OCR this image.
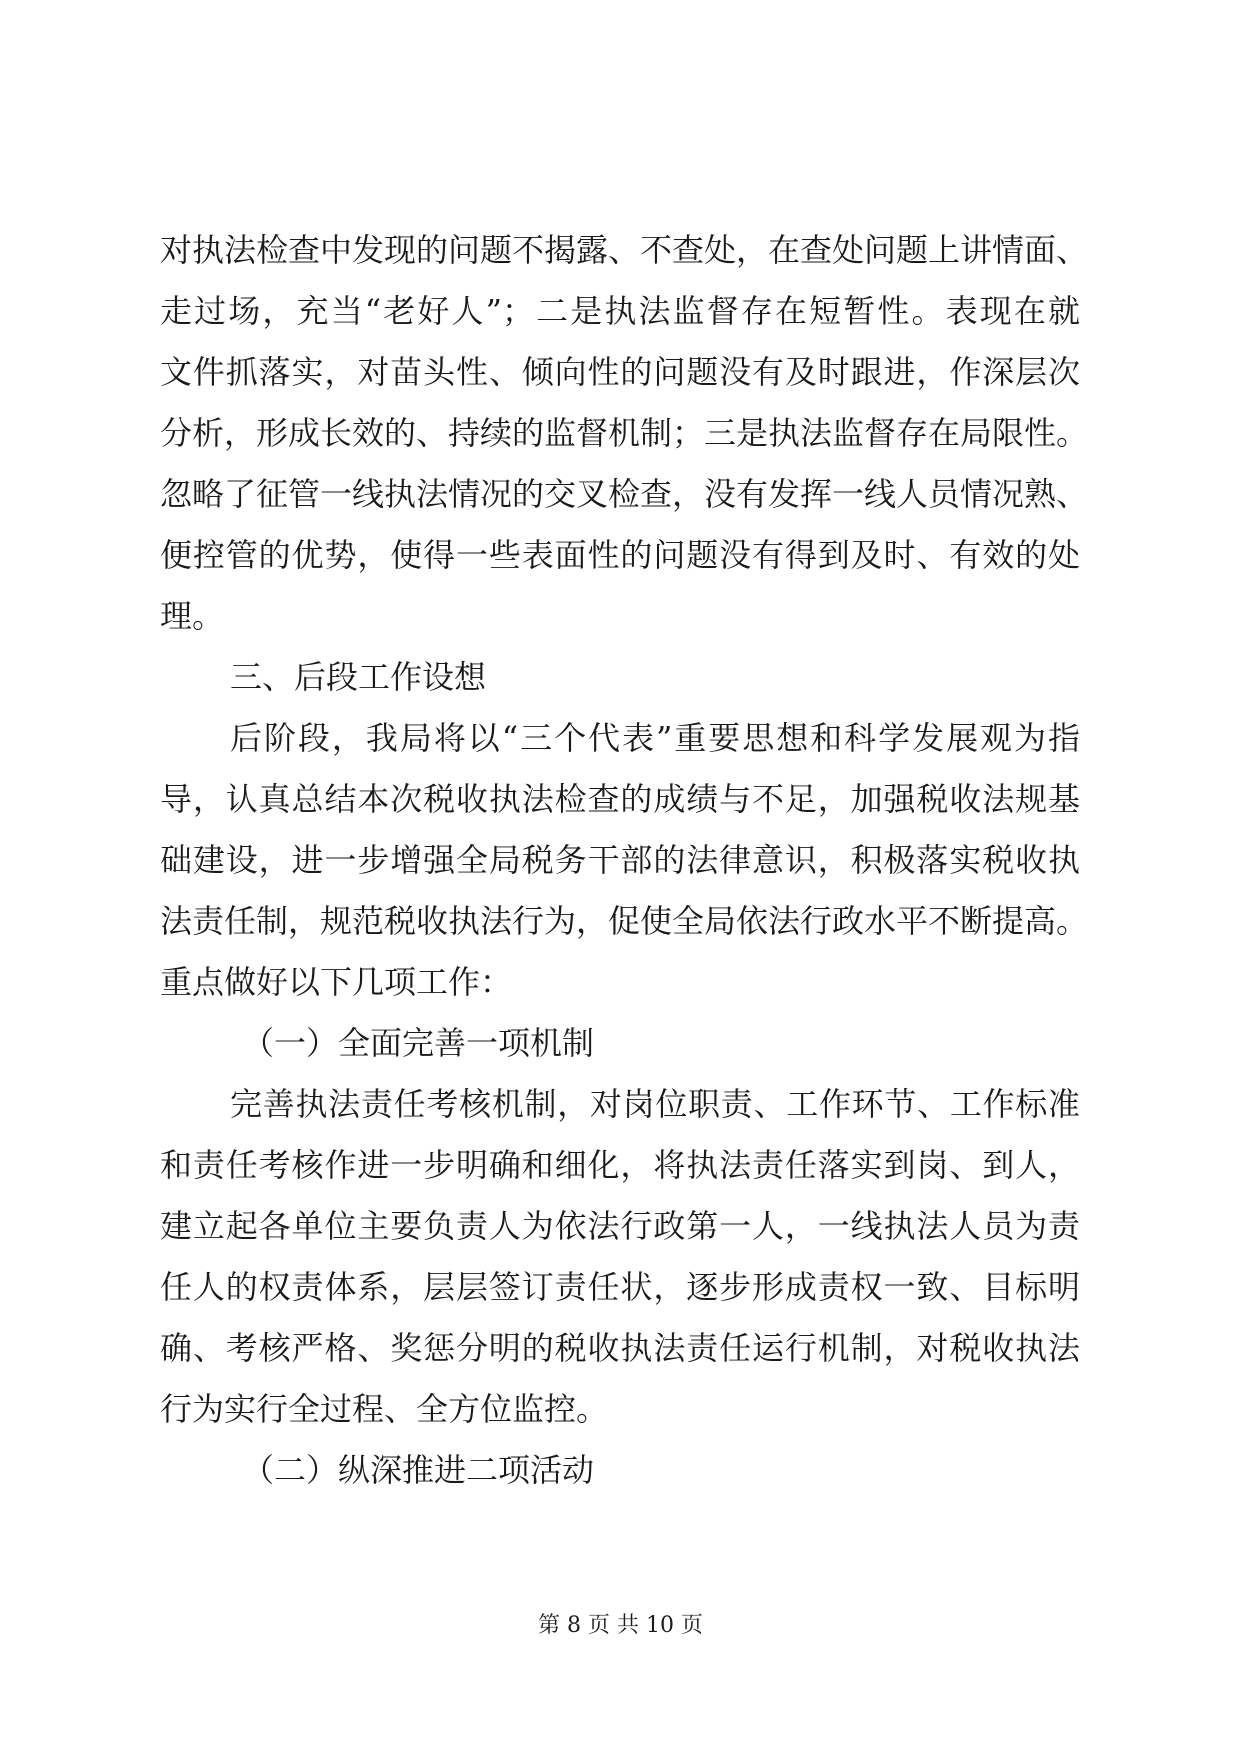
对执法检查中发现的问题不揭露、不查处，在查处问题上讲情面、
走过场，充当“老好人”；二是执法监督存在短暂性。表现在就
文件抓落实，对苗头性、倾向性的问题没有及时跟进，作深层次
分析，形成长效的、持续的监督机制；三是执法监督存在局限性。
忽略了征管一线执法情况的交叉检查，没有发挥一线人员情况熟、
便控管的优势，使得一些表面性的问题没有得到及时、有效的处
理。
三、后段工作设想
后阶段，我局将以“三个代表”重要思想和科学发展观为指
导，认真总结本次税收执法检查的成绩与不足，加强税收法规基
础建设，进一步增强全局税务干部的法律意识，积极落实税收执
法责任制，规范税收执法行为，促使全局依法行政水平不断提高。
重点做好以下几项工作：
（一）全面完善一项机制
完善执法责任考核机制，对岗位职责、工作环节、工作标准
和责任考核作进一步明确和细化，将执法责任落实到岗、到人，
建立起各单位主要负责人为依法行政第一人，一线执法人员为责
任人的权责体系，层层签订责任状，逐步形成责权一致、目标明
确、考核严格、奖惩分明的税收执法责任运行机制，对税收执法
行为实行全过程、全方位监控。
（二）纵深推进二项活动
第 8 页 共 10 页
